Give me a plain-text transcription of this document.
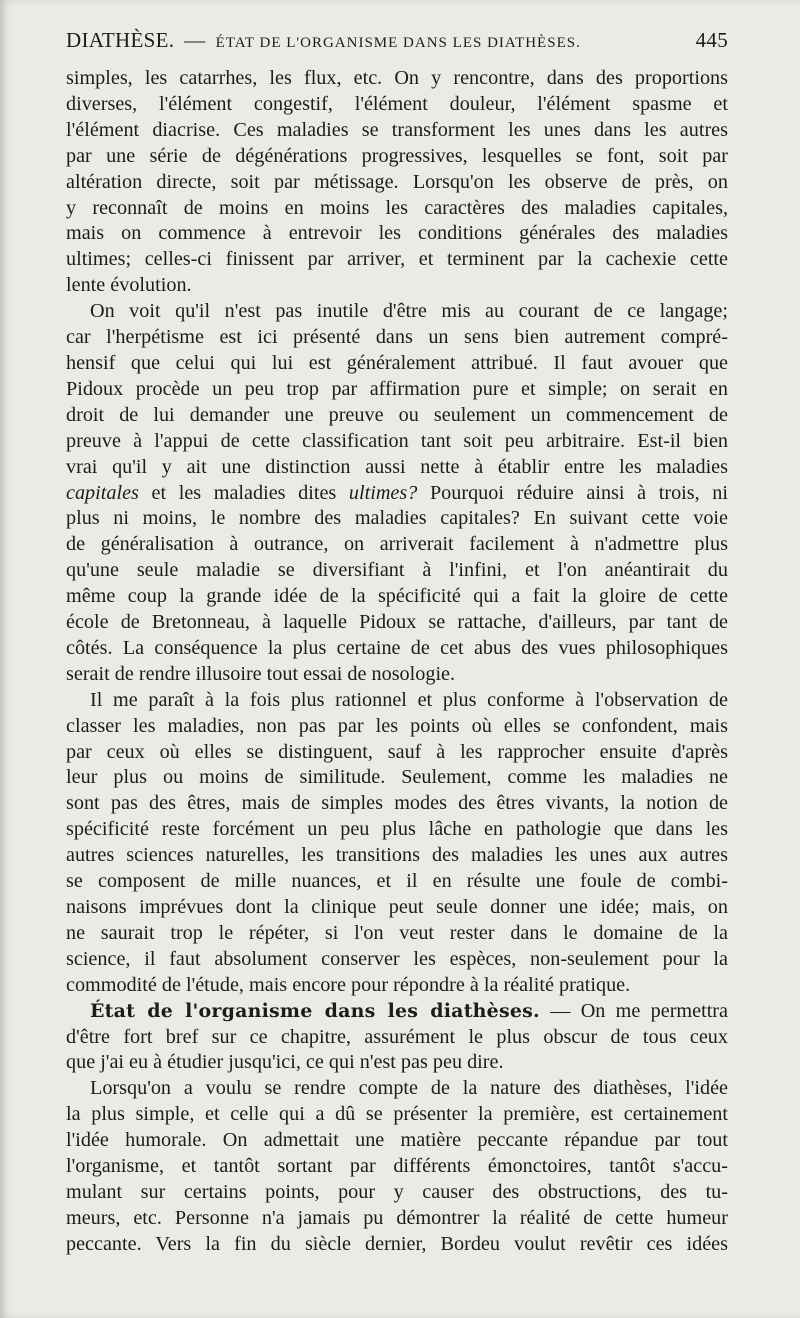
DIATHÈSE. — ÉTAT DE L'ORGANISME DANS LES DIATHÈSES.	445
simples, les catarrhes, les flux, etc. On y rencontre, dans des proportions
diverses, l'élément congestif, l'élément douleur, l'élément spasme et
l'élément diacrise. Ces maladies se transforment les unes dans les autres
par une série de dégénérations progressives, lesquelles se font, soit par
altération directe, soit par métissage. Lorsqu'on les observe de près, on
y reconnaît de moins en moins les caractères des maladies capitales,
mais on commence à entrevoir les conditions générales des maladies
ultimes; celles-ci finissent par arriver, et terminent par la cachexie cette
lente évolution.
On voit qu'il n'est pas inutile d'être mis au courant de ce langage;
car l'herpétisme est ici présenté dans un sens bien autrement compré-
hensif que celui qui lui est généralement attribué. Il faut avouer que
Pidoux procède un peu trop par affirmation pure et simple; on serait en
droit de lui demander une preuve ou seulement un commencement de
preuve à l'appui de cette classification tant soit peu arbitraire. Est-il bien
vrai qu'il y ait une distinction aussi nette à établir entre les maladies
capitales et les maladies dites ultimes? Pourquoi réduire ainsi à trois, ni
plus ni moins, le nombre des maladies capitales? En suivant cette voie
de généralisation à outrance, on arriverait facilement à n'admettre plus
qu'une seule maladie se diversifiant à l'infini, et l'on anéantirait du
même coup la grande idée de la spécificité qui a fait la gloire de cette
école de Bretonneau, à laquelle Pidoux se rattache, d'ailleurs, par tant de
côtés. La conséquence la plus certaine de cet abus des vues philosophiques
serait de rendre illusoire tout essai de nosologie.
Il me paraît à la fois plus rationnel et plus conforme à l'observation de
classer les maladies, non pas par les points où elles se confondent, mais
par ceux où elles se distinguent, sauf à les rapprocher ensuite d'après
leur plus ou moins de similitude. Seulement, comme les maladies ne
sont pas des êtres, mais de simples modes des êtres vivants, la notion de
spécificité reste forcément un peu plus lâche en pathologie que dans les
autres sciences naturelles, les transitions des maladies les unes aux autres
se composent de mille nuances, et il en résulte une foule de combi-
naisons imprévues dont la clinique peut seule donner une idée; mais, on
ne saurait trop le répéter, si l'on veut rester dans le domaine de la
science, il faut absolument conserver les espèces, non-seulement pour la
commodité de l'étude, mais encore pour répondre à la réalité pratique.
État de l'organisme dans les diathèses. — On me permettra
d'être fort bref sur ce chapitre, assurément le plus obscur de tous ceux
que j'ai eu à étudier jusqu'ici, ce qui n'est pas peu dire.
Lorsqu'on a voulu se rendre compte de la nature des diathèses, l'idée
la plus simple, et celle qui a dû se présenter la première, est certainement
l'idée humorale. On admettait une matière peccante répandue par tout
l'organisme, et tantôt sortant par différents émonctoires, tantôt s'accu-
mulant sur certains points, pour y causer des obstructions, des tu-
meurs, etc. Personne n'a jamais pu démontrer la réalité de cette humeur
peccante. Vers la fin du siècle dernier, Bordeu voulut revêtir ces idées
